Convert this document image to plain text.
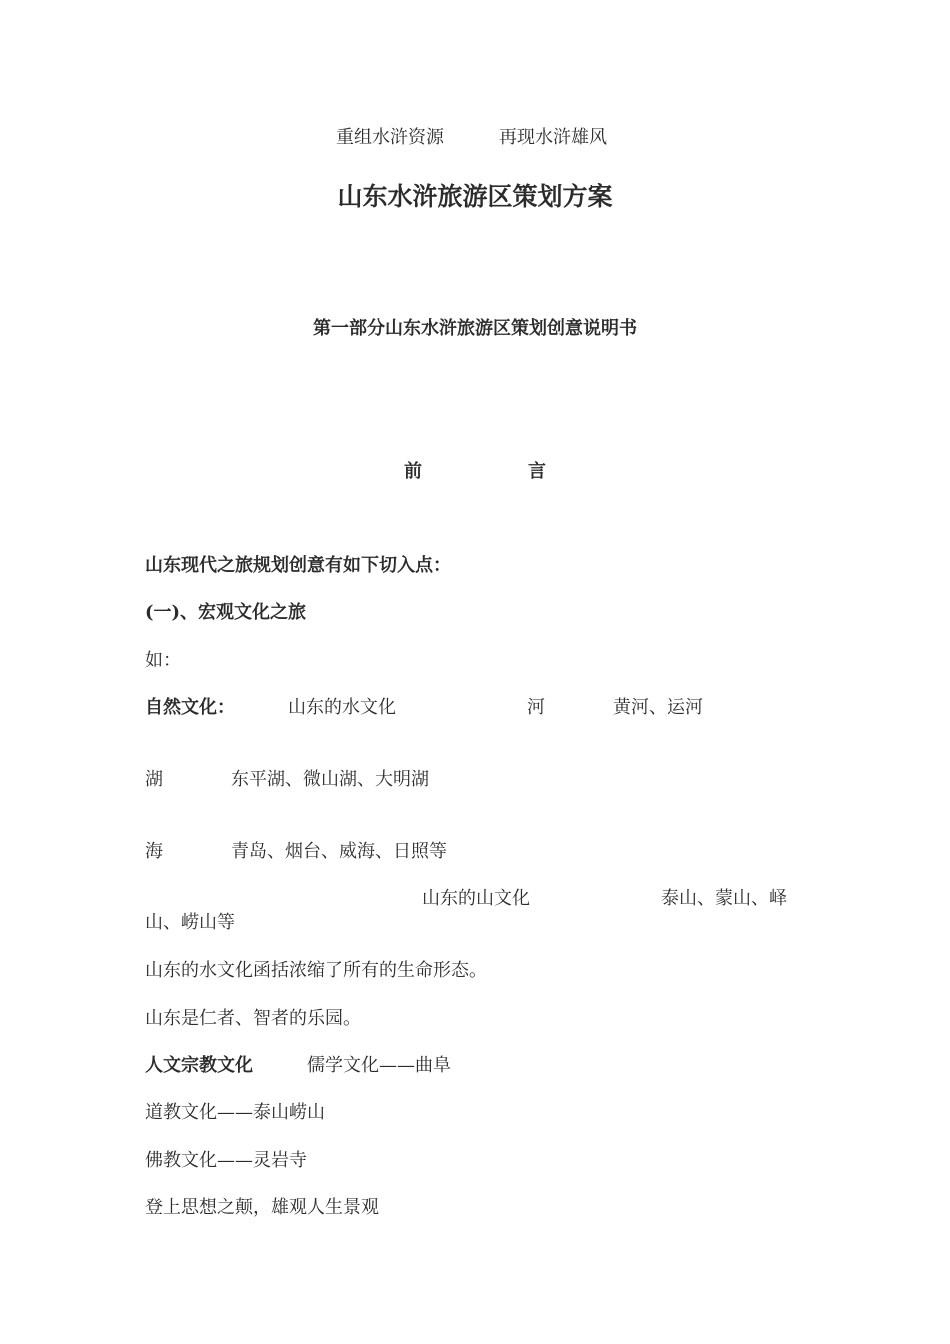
重组水浒资源	再现水浒雄风
山东水浒旅游区策划方案
第一部分山东水浒旅游区策划创意说明书
前	言
山东现代之旅规划创意有如下切入点：
(一)、宏观文化之旅
如：
自然文化：	山东的水文化	河	黄河、运河
湖	东平湖、微山湖、大明湖
海	青岛、烟台、威海、日照等
山东的山文化	泰山、蒙山、峄
山、崂山等
山东的水文化函括浓缩了所有的生命形态。
山东是仁者、智者的乐园。
人文宗教文化	儒学文化——曲阜
道教文化——泰山崂山
佛教文化——灵岩寺
登上思想之颠，雄观人生景观
